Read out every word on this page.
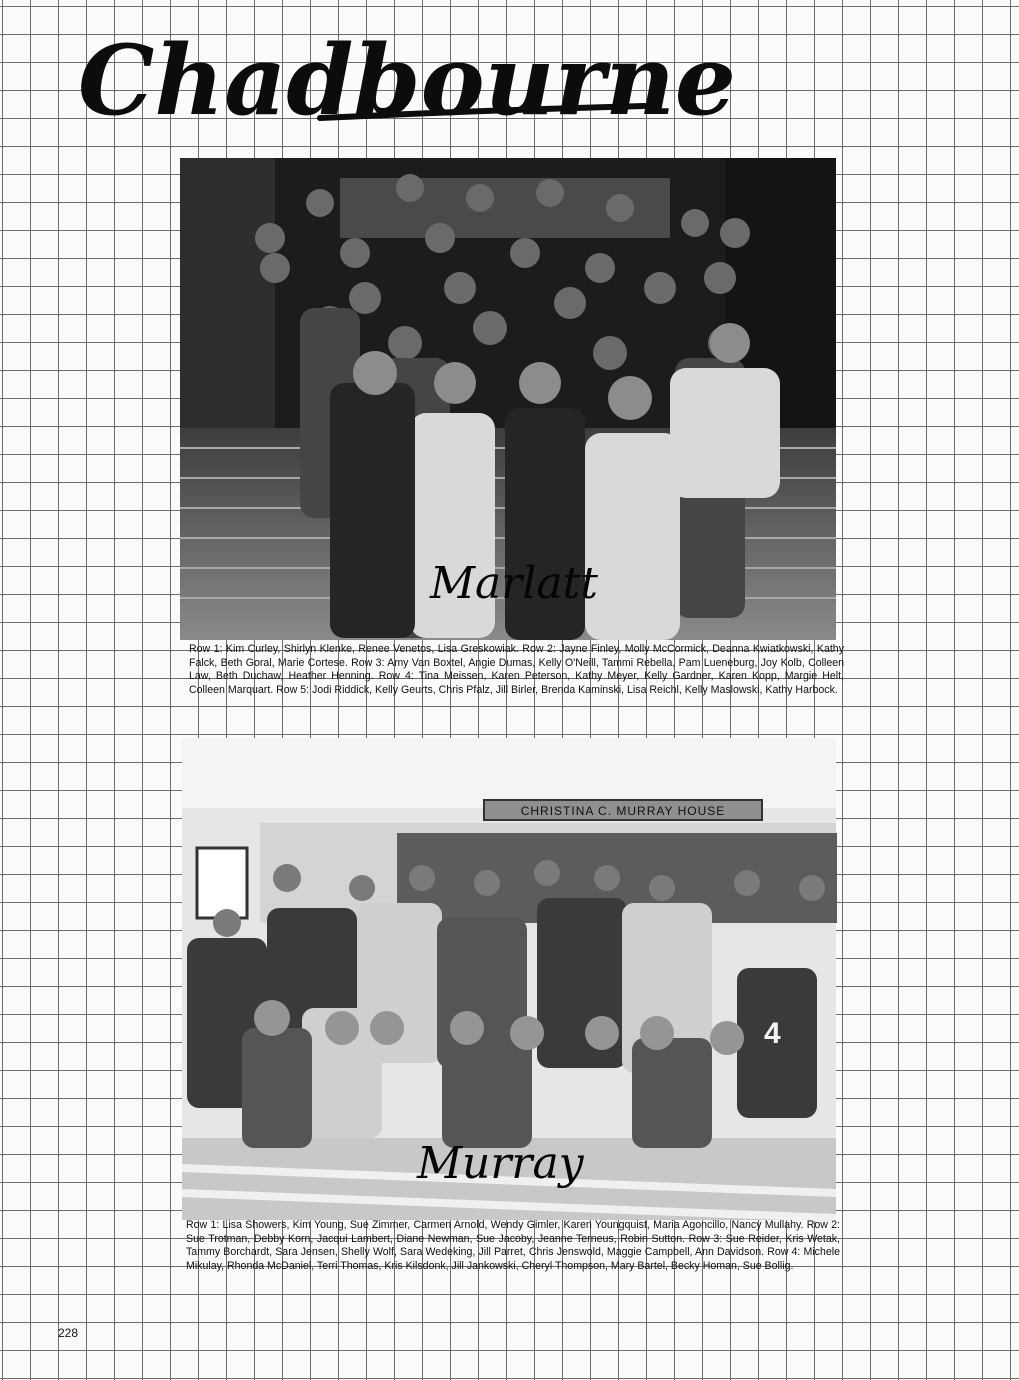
Chadbourne
Marlatt

Row 1: Kim Curley, Shirlyn Klenke, Renee Venetos, Lisa Greskowiak. Row 2: Jayne Finley, Molly McCormick, Deanna Kwiatkowski, Kathy Falck, Beth Goral, Marie Cortese. Row 3: Amy Van Boxtel, Angie Dumas, Kelly O'Neill, Tammi Rebella, Pam Lueneburg, Joy Kolb, Colleen Law, Beth Duchaw, Heather Henning. Row 4: Tina Meissen, Karen Peterson, Kathy Meyer, Kelly Gardner, Karen Kopp, Margie Helt, Colleen Marquart. Row 5: Jodi Riddick, Kelly Geurts, Chris Pfalz, Jill Birler, Brenda Kaminski, Lisa Reichl, Kelly Maslowski, Kathy Harbock.

CHRISTINA C. MURRAY HOUSE
4
Murray

Row 1: Lisa Showers, Kim Young, Sue Zimmer, Carmen Arnold, Wendy Gimler, Karen Youngquist, Maria Agoncillo, Nancy Mullahy. Row 2: Sue Trotman, Debby Korn, Jacqui Lambert, Diane Newman, Sue Jacoby, Jeanne Terneus, Robin Sutton. Row 3: Sue Reider, Kris Wetak, Tammy Borchardt, Sara Jensen, Shelly Wolf, Sara Wedeking, Jill Parret, Chris Jenswold, Maggie Campbell, Ann Davidson. Row 4: Michele Mikulay, Rhonda McDaniel, Terri Thomas, Kris Kilsdonk, Jill Jankowski, Cheryl Thompson, Mary Bartel, Becky Homan, Sue Bollig.

228
